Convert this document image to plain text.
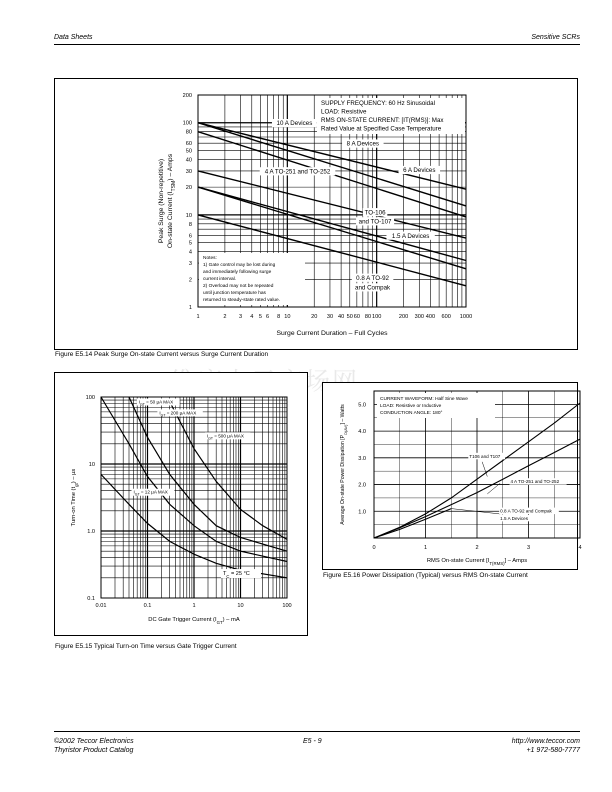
Data Sheets	Sensitive SCRs
SUPPLY FREQUENCY: 60 Hz Sinusoidal
LOAD: Resistive
RMS ON-STATE CURRENT: [IT(RMS)]: Max
Rated Value at Specified Case Temperature
Notes:
1) Gate control may be lost during
and immediately following surge
current interval.
2) Overload may not be repeated
until junction temperature has
returned to steady-state rated value.
10 A Devices
8 A Devices
6 A Devices
4 A TO-251 and TO-252
TO-106
and TO-107
1.5 A Devices
0.8 A TO-92
and Compak
1	2 3 4 5 6 8 10	20 30 40 50 60 80 100	200 300 400 600 1000
1
2
3
4
5
6
8
10
20
30
40
50
60
80
100
200
Surge Current Duration – Full Cycles
Peak Surge (Non-repetitive) On-state Current $(I_{TSM})$ – Amps
Figure E5.14 Peak Surge On-state Current versus Surge Current Duration
$I_{GT} = 50$ µA MAX
$I_{GT} = 200$ µA MAX
$I_{GT} = 500$ µA MAX
$I_{GT} = 12$ µA MAX
$T_C = 25$ °C
0.01	0.1	1	10	100
0.1
1.0
10
100
DC Gate Trigger Current $(I_{GT})$ – mA
Turn-on Time $(t_{gt})$ – µs
Figure E5.15 Typical Turn-on Time versus Gate Trigger Current
CURRENT WAVEFORM: Half Sine Wave
LOAD: Resistive or Inductive
CONDUCTION ANGLE: 180°
T106 and T107
4 A TO-251 and TO-252
0.8 A TO-92 and Compak
1.5 A Devices
0	1	2	3	4
1.0
2.0
3.0
4.0
5.0
RMS On-state Current $[I_{T(RMS)}]$ – Amps
Average On-state Power Dissipation $[P_{D(AV)}]$ – Watts
Figure E5.16 Power Dissipation (Typical) versus RMS On-state Current
©2002 Teccor Electronics
Thyristor Product Catalog
E5 - 9	http://www.teccor.com
+1 972-580-7777
